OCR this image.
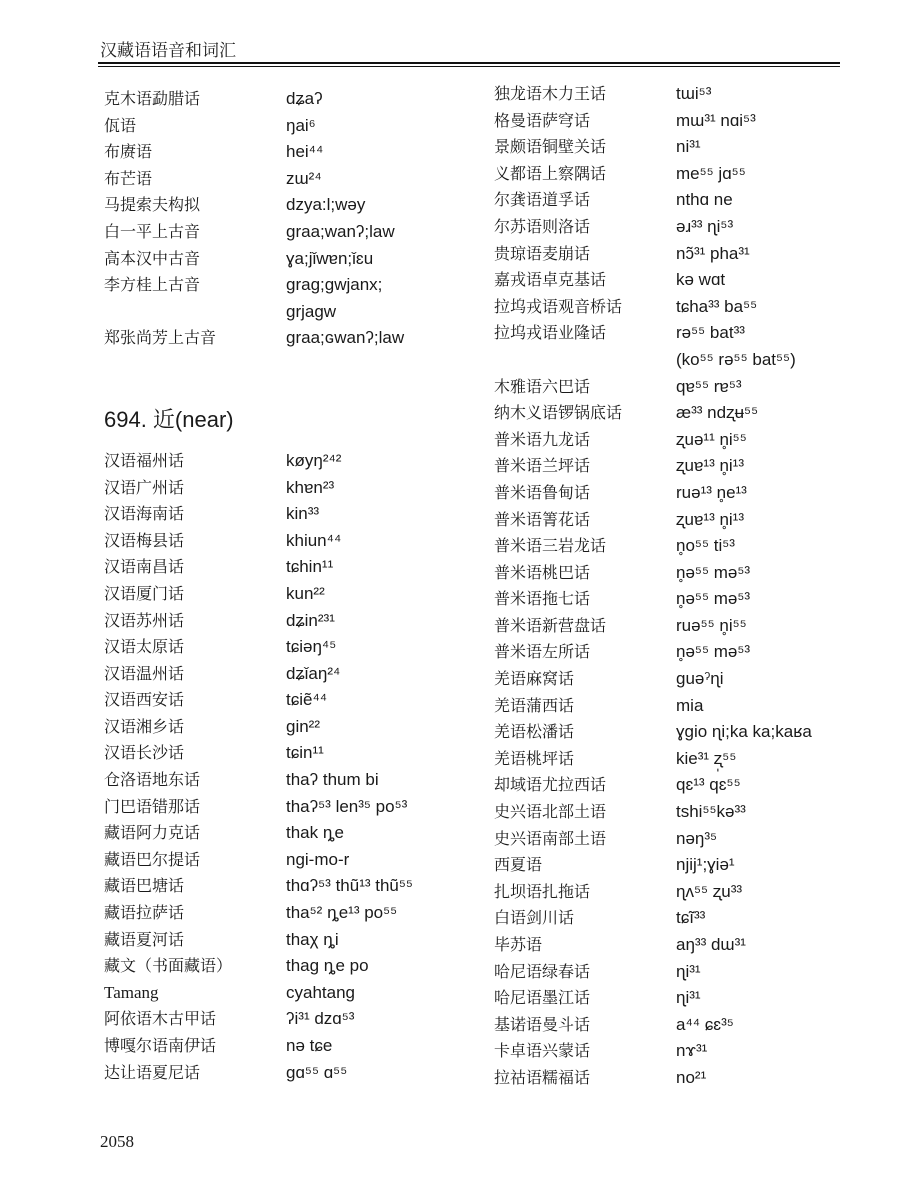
汉藏语语音和词汇
克木语勐腊话	dʑaʔ
佤语	ŋai⁶
布赓语	hei⁴⁴
布芒语	zɯ²⁴
马提索夫构拟	dzya:l;wəy
白一平上古音	graa;wanʔ;law
高本汉中古音	ɣa;jǐwɐn;ǐɛu
李方桂上古音	grag;gwjanx;
grjagw
郑张尚芳上古音	graa;ɢwanʔ;law
694. 近(near)
汉语福州话	køyŋ²⁴²
汉语广州话	khɐn²³
汉语海南话	kin³³
汉语梅县话	khiun⁴⁴
汉语南昌话	tɕhin¹¹
汉语厦门话	kun²²
汉语苏州话	dʑin²³¹
汉语太原话	tɕiəŋ⁴⁵
汉语温州话	dʑǐaŋ²⁴
汉语西安话	tɕiẽ⁴⁴
汉语湘乡话	gin²²
汉语长沙话	tɕin¹¹
仓洛语地东话	thaʔ thum bi
门巴语错那话	thaʔ⁵³ len³⁵ po⁵³
藏语阿力克话	thak ȵe
藏语巴尔提话	ngi-mo-r
藏语巴塘话	thɑʔ⁵³ thũ¹³ thũ⁵⁵
藏语拉萨话	tha⁵² ȵe¹³ po⁵⁵
藏语夏河话	thaχ ȵi
藏文（书面藏语）	thag ȵe po
Tamang	cyahtang
阿依语木古甲话	ʔi³¹ dzɑ⁵³
博嘎尔语南伊话	nə tɕe
达让语夏尼话	gɑ⁵⁵ ɑ⁵⁵
独龙语木力王话	tɯi⁵³
格曼语萨穹话	mɯ³¹ nɑi⁵³
景颇语铜壁关话	ni³¹
义都语上察隅话	me⁵⁵ jɑ⁵⁵
尔龚语道孚话	nthɑ ne
尔苏语则洛话	əɹ³³ ɳi⁵³
贵琼语麦崩话	nɔ̃³¹ pha³¹
嘉戎语卓克基话	kə wɑt
拉坞戎语观音桥话	tɕha³³ ba⁵⁵
拉坞戎语业隆话	rə⁵⁵ bat³³
(ko⁵⁵ rə⁵⁵ bat⁵⁵)
木雅语六巴话	qɐ⁵⁵ rɐ⁵³
纳木义语锣锅底话	æ³³ ndʐʉ⁵⁵
普米语九龙话	ʐuə¹¹ n̥i⁵⁵
普米语兰坪话	ʐuɐ¹³ n̥i¹³
普米语鲁甸话	ruə¹³ n̥e¹³
普米语箐花话	ʐuɐ¹³ n̥i¹³
普米语三岩龙话	n̥o⁵⁵ ti⁵³
普米语桃巴话	n̥ə⁵⁵ mə⁵³
普米语拖七话	n̥ə⁵⁵ mə⁵³
普米语新营盘话	ruə⁵⁵ n̥i⁵⁵
普米语左所话	n̥ə⁵⁵ mə⁵³
羌语麻窝话	guəˀɳi
羌语蒲西话	mia
羌语松潘话	ɣgio ɳi;ka ka;kaʁa
羌语桃坪话	kie³¹ ʐ̩⁵⁵
却域语尤拉西话	qɛ¹³ qɛ⁵⁵
史兴语北部土语	tshi⁵⁵kə³³
史兴语南部土语	nəŋ³⁵
西夏语	njij¹;ɣiə¹
扎坝语扎拖话	ɳʌ⁵⁵ ʐu³³
白语剑川话	tɕĩ³³
毕苏语	aŋ³³ dɯ³¹
哈尼语绿春话	ɳi³¹
哈尼语墨江话	ɳi³¹
基诺语曼斗话	a⁴⁴ ɕɛ³⁵
卡卓语兴蒙话	nɤ³¹
拉祜语糯福话	no²¹
2058
